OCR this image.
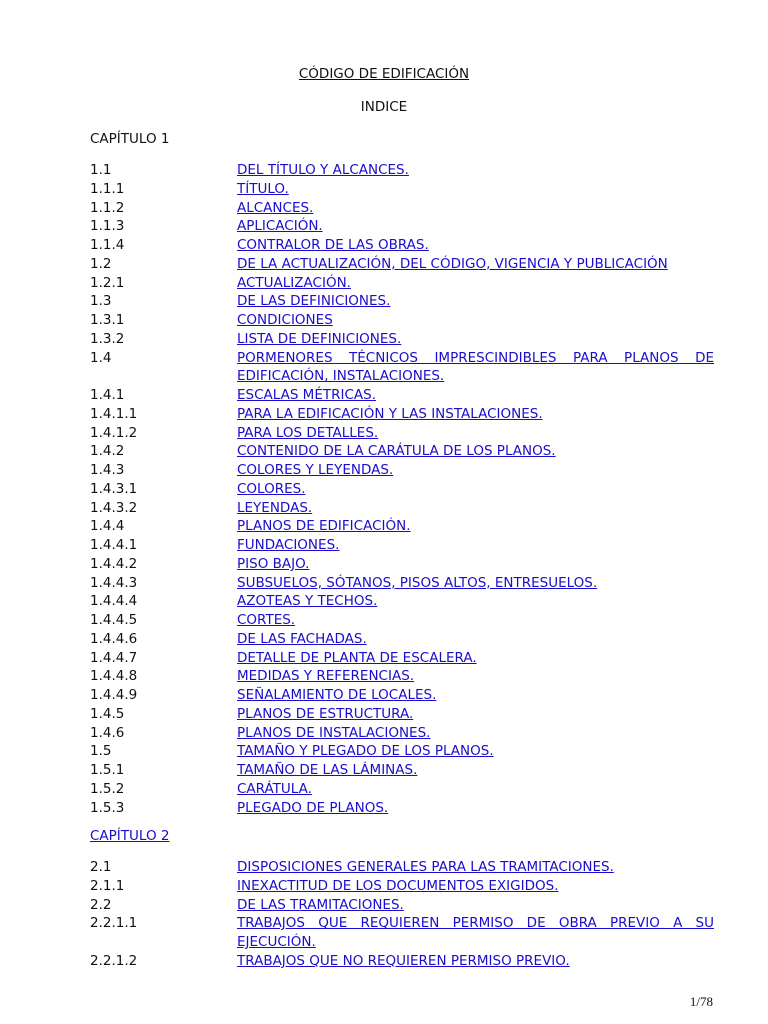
CÓDIGO DE EDIFICACIÓN
INDICE
CAPÍTULO 1
1.1	DEL TÍTULO Y ALCANCES.
1.1.1	TÍTULO.
1.1.2	ALCANCES.
1.1.3	APLICACIÓN.
1.1.4	CONTRALOR DE LAS OBRAS.
1.2	DE LA ACTUALIZACIÓN, DEL CÓDIGO, VIGENCIA Y PUBLICACIÓN
1.2.1	ACTUALIZACIÓN.
1.3	DE LAS DEFINICIONES.
1.3.1	CONDICIONES
1.3.2	LISTA DE DEFINICIONES.
1.4	PORMENORES TÉCNICOS IMPRESCINDIBLES PARA PLANOS DE EDIFICACIÓN, INSTALACIONES.
1.4.1	ESCALAS MÉTRICAS.
1.4.1.1	PARA LA EDIFICACIÓN Y LAS INSTALACIONES.
1.4.1.2	PARA LOS DETALLES.
1.4.2	CONTENIDO DE LA CARÁTULA DE LOS PLANOS.
1.4.3	COLORES Y LEYENDAS.
1.4.3.1	COLORES.
1.4.3.2	LEYENDAS.
1.4.4	PLANOS DE EDIFICACIÓN.
1.4.4.1	FUNDACIONES.
1.4.4.2	PISO BAJO.
1.4.4.3	SUBSUELOS, SÓTANOS, PISOS ALTOS, ENTRESUELOS.
1.4.4.4	AZOTEAS Y TECHOS.
1.4.4.5	CORTES.
1.4.4.6	DE LAS FACHADAS.
1.4.4.7	DETALLE DE PLANTA DE ESCALERA.
1.4.4.8	MEDIDAS Y REFERENCIAS.
1.4.4.9	SEÑALAMIENTO DE LOCALES.
1.4.5	PLANOS DE ESTRUCTURA.
1.4.6	PLANOS DE INSTALACIONES.
1.5	TAMAÑO Y PLEGADO DE LOS PLANOS.
1.5.1	TAMAÑO DE LAS LÁMINAS.
1.5.2	CARÁTULA.
1.5.3	PLEGADO DE PLANOS.
CAPÍTULO 2
2.1	DISPOSICIONES GENERALES PARA LAS TRAMITACIONES.
2.1.1	INEXACTITUD DE LOS DOCUMENTOS EXIGIDOS.
2.2	DE LAS TRAMITACIONES.
2.2.1.1	TRABAJOS QUE REQUIEREN PERMISO DE OBRA PREVIO A SU EJECUCIÓN.
2.2.1.2	TRABAJOS QUE NO REQUIEREN PERMISO PREVIO.
1/78
